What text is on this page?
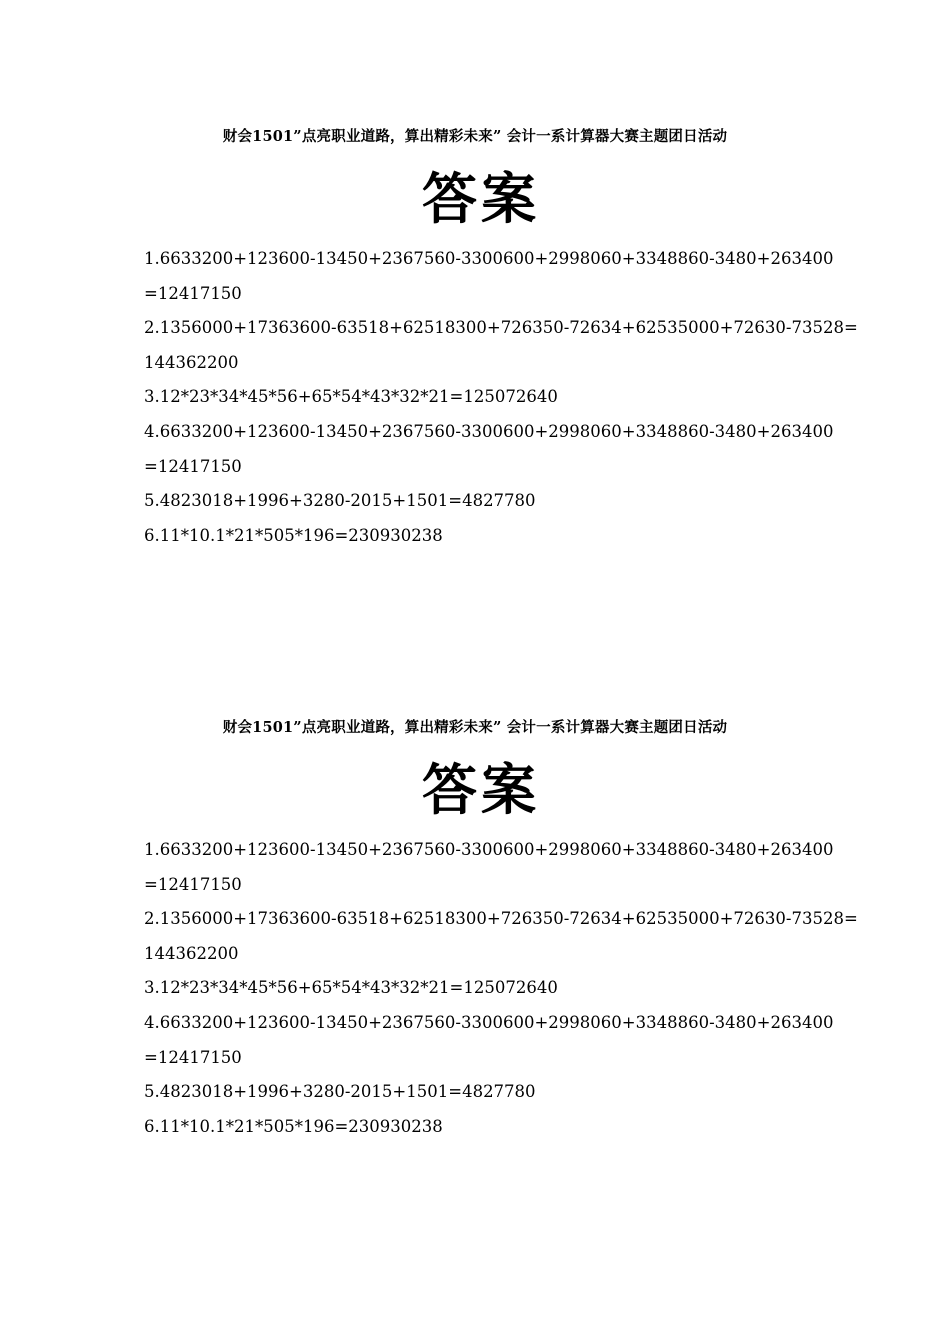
财会1501”点亮职业道路，算出精彩未来” 会计一系计算器大赛主题团日活动
答案
1.6633200+123600-13450+2367560-3300600+2998060+3348860-3480+263400
=12417150
2.1356000+17363600-63518+62518300+726350-72634+62535000+72630-73528=
144362200
3.12*23*34*45*56+65*54*43*32*21=125072640
4.6633200+123600-13450+2367560-3300600+2998060+3348860-3480+263400
=12417150
5.4823018+1996+3280-2015+1501=4827780
6.11*10.1*21*505*196=230930238
财会1501”点亮职业道路，算出精彩未来” 会计一系计算器大赛主题团日活动
答案
1.6633200+123600-13450+2367560-3300600+2998060+3348860-3480+263400
=12417150
2.1356000+17363600-63518+62518300+726350-72634+62535000+72630-73528=
144362200
3.12*23*34*45*56+65*54*43*32*21=125072640
4.6633200+123600-13450+2367560-3300600+2998060+3348860-3480+263400
=12417150
5.4823018+1996+3280-2015+1501=4827780
6.11*10.1*21*505*196=230930238
